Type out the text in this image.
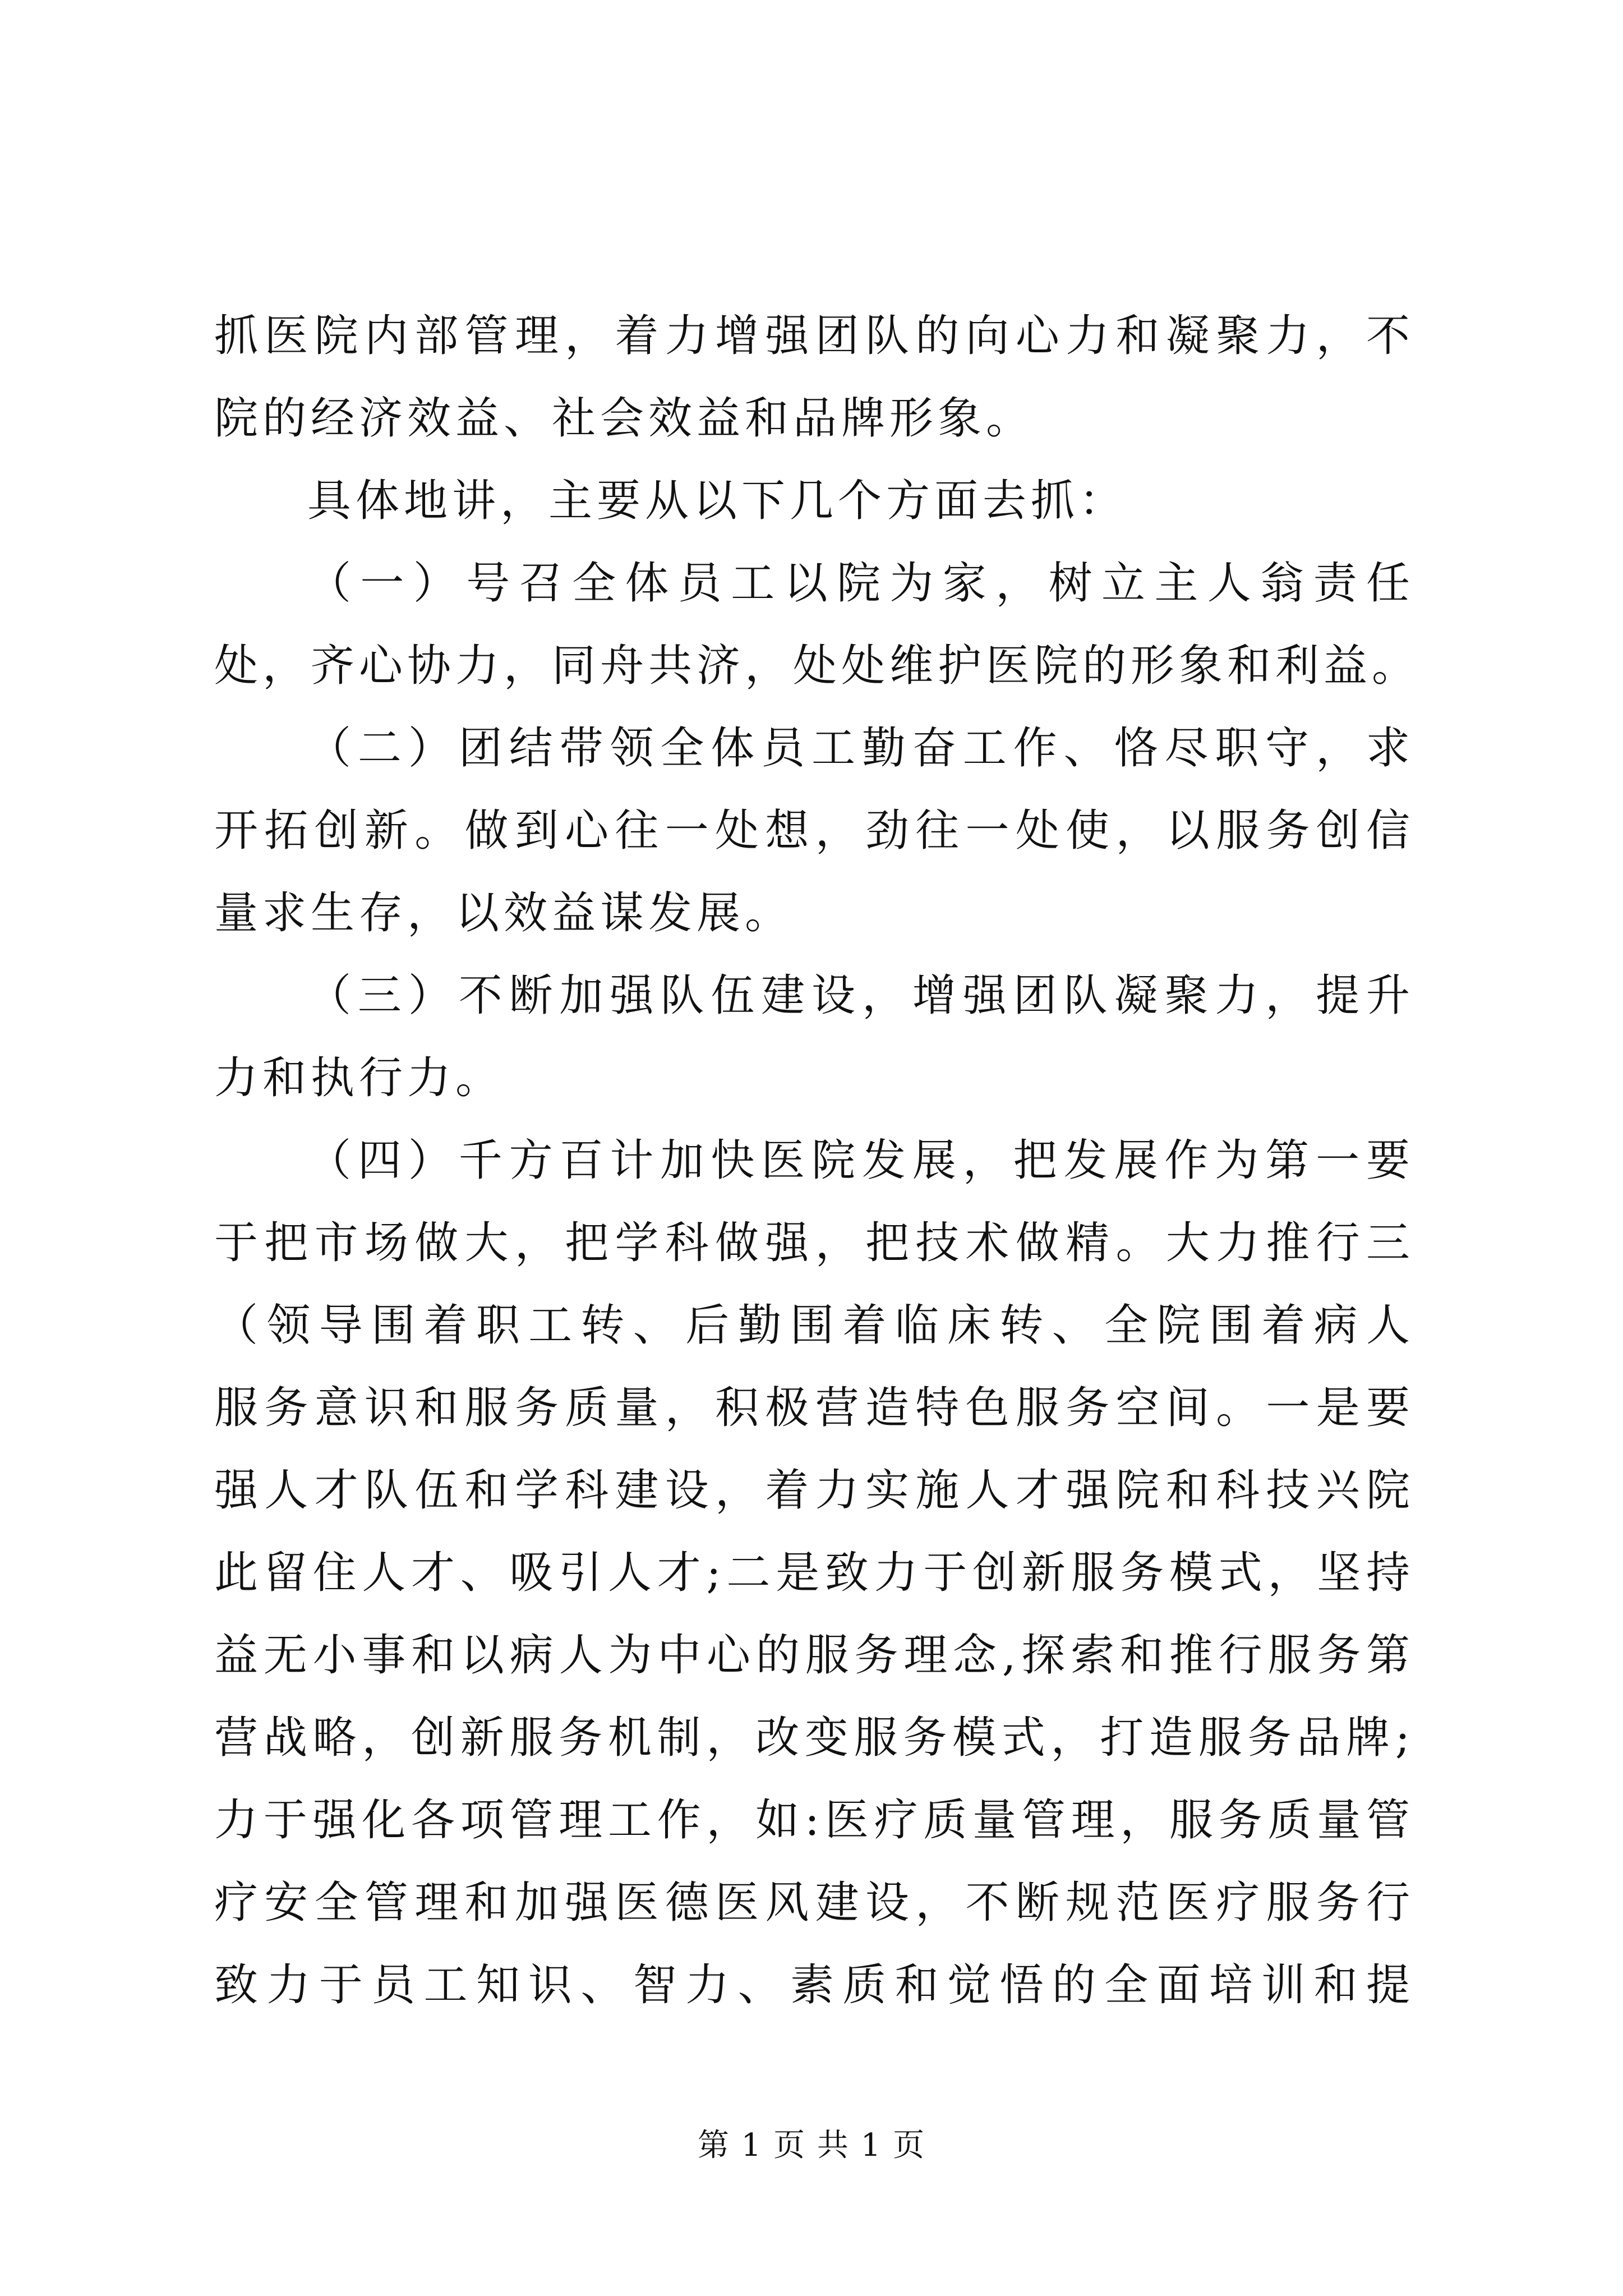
抓医院内部管理，着力增强团队的向心力和凝聚力，不
院的经济效益、社会效益和品牌形象。
具体地讲，主要从以下几个方面去抓：
（一）号召全体员工以院为家，树立主人翁责任
处，齐心协力，同舟共济，处处维护医院的形象和利益。
（二）团结带领全体员工勤奋工作、恪尽职守，求
开拓创新。做到心往一处想，劲往一处使，以服务创信
量求生存，以效益谋发展。
（三）不断加强队伍建设，增强团队凝聚力，提升
力和执行力。
（四）千方百计加快医院发展，把发展作为第一要
于把市场做大，把学科做强，把技术做精。大力推行三
（领导围着职工转、后勤围着临床转、全院围着病人
服务意识和服务质量，积极营造特色服务空间。一是要
强人才队伍和学科建设，着力实施人才强院和科技兴院
此留住人才、吸引人才;二是致力于创新服务模式，坚持
益无小事和以病人为中心的服务理念,探索和推行服务第
营战略，创新服务机制，改变服务模式，打造服务品牌;
力于强化各项管理工作，如:医疗质量管理，服务质量管
疗安全管理和加强医德医风建设，不断规范医疗服务行
致力于员工知识、智力、素质和觉悟的全面培训和提
第 1 页 共 1 页
